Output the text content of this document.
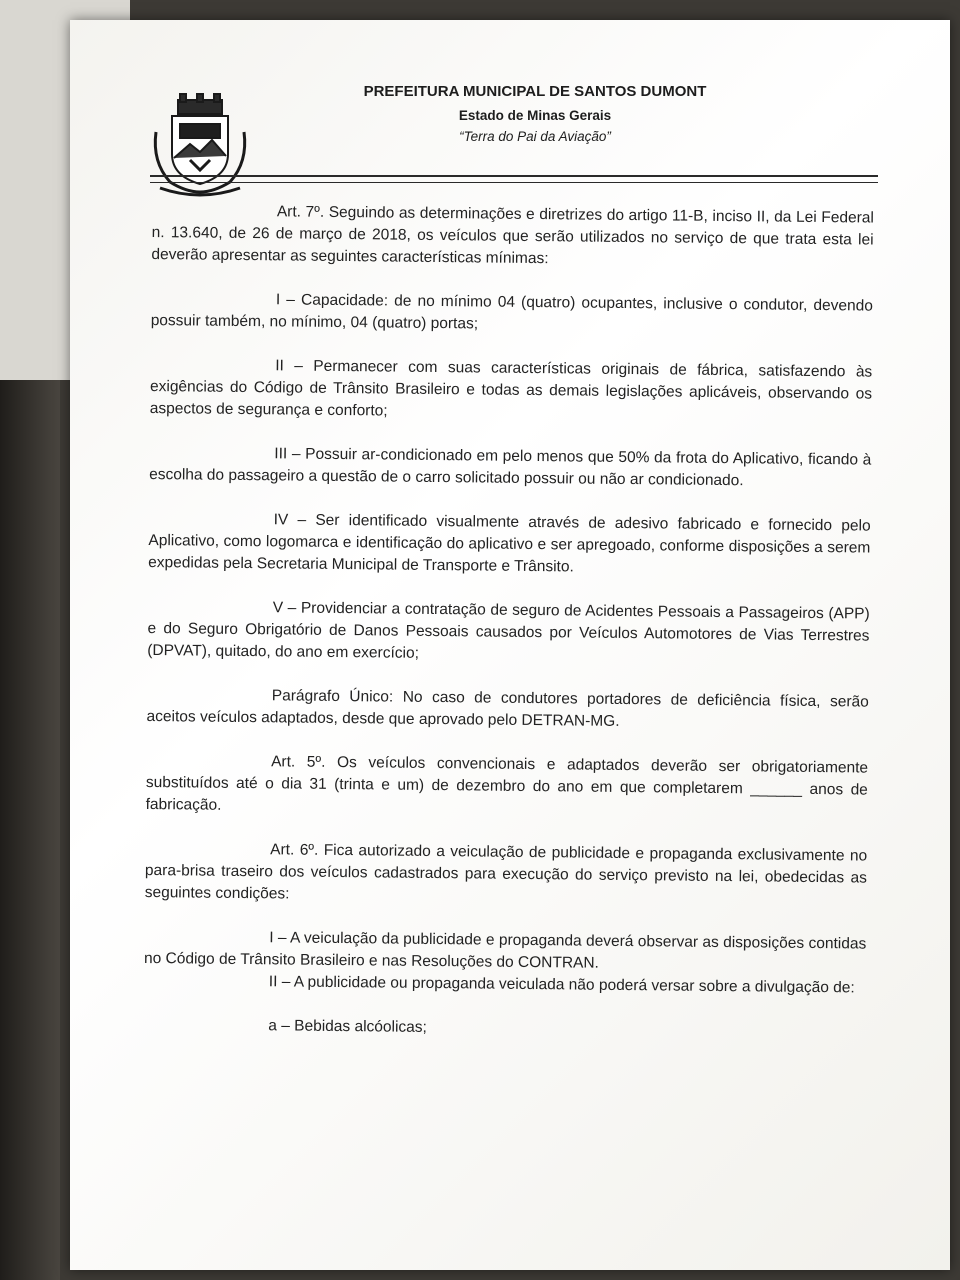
PREFEITURA MUNICIPAL DE SANTOS DUMONT
Estado de Minas Gerais
“Terra do Pai da Aviação”

Art. 7º. Seguindo as determinações e diretrizes do artigo 11-B, inciso II, da Lei Federal n. 13.640, de 26 de março de 2018, os veículos que serão utilizados no serviço de que trata esta lei deverão apresentar as seguintes características mínimas:

I – Capacidade: de no mínimo 04 (quatro) ocupantes, inclusive o condutor, devendo possuir também, no mínimo, 04 (quatro) portas;

II – Permanecer com suas características originais de fábrica, satisfazendo às exigências do Código de Trânsito Brasileiro e todas as demais legislações aplicáveis, observando os aspectos de segurança e conforto;

III – Possuir ar-condicionado em pelo menos que 50% da frota do Aplicativo, ficando à escolha do passageiro a questão de o carro solicitado possuir ou não ar condicionado.

IV – Ser identificado visualmente através de adesivo fabricado e fornecido pelo Aplicativo, como logomarca e identificação do aplicativo e ser apregoado, conforme disposições a serem expedidas pela Secretaria Municipal de Transporte e Trânsito.

V – Providenciar a contratação de seguro de Acidentes Pessoais a Passageiros (APP) e do Seguro Obrigatório de Danos Pessoais causados por Veículos Automotores de Vias Terrestres (DPVAT), quitado, do ano em exercício;

Parágrafo Único: No caso de condutores portadores de deficiência física, serão aceitos veículos adaptados, desde que aprovado pelo DETRAN-MG.

Art. 5º. Os veículos convencionais e adaptados deverão ser obrigatoriamente substituídos até o dia 31 (trinta e um) de dezembro do ano em que completarem ______ anos de fabricação.

Art. 6º. Fica autorizado a veiculação de publicidade e propaganda exclusivamente no para-brisa traseiro dos veículos cadastrados para execução do serviço previsto na lei, obedecidas as seguintes condições:

I – A veiculação da publicidade e propaganda deverá observar as disposições contidas no Código de Trânsito Brasileiro e nas Resoluções do CONTRAN.

II – A publicidade ou propaganda veiculada não poderá versar sobre a divulgação de:

a – Bebidas alcóolicas;
